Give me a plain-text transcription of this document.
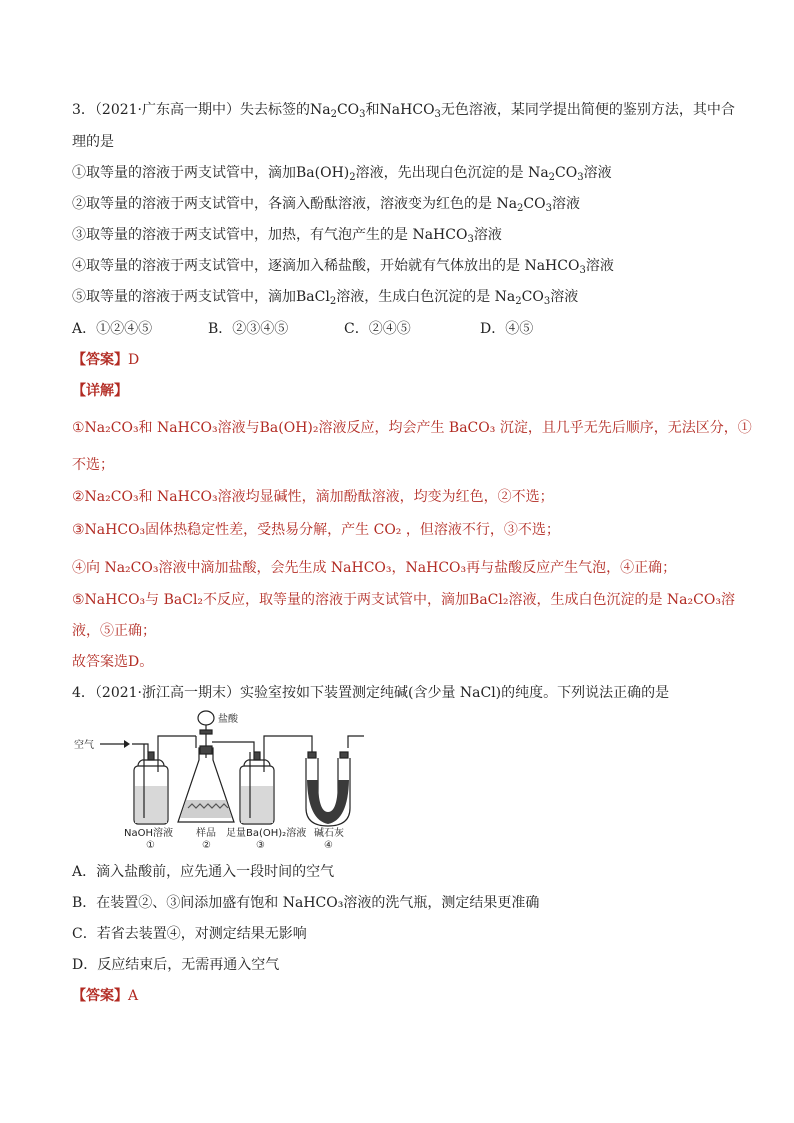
3．（2021·广东高一期中）失去标签的$Na_2CO_3$和NaHCO$_3$无色溶液，某同学提出简便的鉴别方法，其中合
理的是
①取等量的溶液于两支试管中，滴加$Ba(OH)_2$溶液，先出现白色沉淀的是 $Na_2CO_3$溶液
②取等量的溶液于两支试管中，各滴入酚酞溶液，溶液变为红色的是 $Na_2CO_3$溶液
③取等量的溶液于两支试管中，加热，有气泡产生的是 NaHCO$_3$溶液
④取等量的溶液于两支试管中，逐滴加入稀盐酸，开始就有气体放出的是 NaHCO$_3$溶液
⑤取等量的溶液于两支试管中，滴加BaCl$_2$溶液，生成白色沉淀的是 $Na_2CO_3$溶液
A．①②④⑤	B．②③④⑤	C．②④⑤	D．④⑤
【答案】D
【详解】
①Na₂CO₃和 NaHCO₃溶液与Ba(OH)₂溶液反应，均会产生 BaCO₃ 沉淀，且几乎无先后顺序，无法区分，①
不选；
②Na₂CO₃和 NaHCO₃溶液均显碱性，滴加酚酞溶液，均变为红色，②不选；
③NaHCO₃固体热稳定性差，受热易分解，产生 CO₂ ，但溶液不行，③不选；
④向 Na₂CO₃溶液中滴加盐酸，会先生成 NaHCO₃，NaHCO₃再与盐酸反应产生气泡，④正确；
⑤NaHCO₃与 BaCl₂不反应，取等量的溶液于两支试管中，滴加BaCl₂溶液，生成白色沉淀的是 Na₂CO₃溶
液，⑤正确；
故答案选D。
4．（2021·浙江高一期末）实验室按如下装置测定纯碱(含少量 NaCl)的纯度。下列说法正确的是
空气
盐酸
NaOH溶液
①
样品
②
足量Ba(OH)₂溶液
③
碱石灰
④
A．滴入盐酸前，应先通入一段时间的空气
B．在装置②、③间添加盛有饱和 NaHCO₃溶液的洗气瓶，测定结果更准确
C．若省去装置④，对测定结果无影响
D．反应结束后，无需再通入空气
【答案】A
